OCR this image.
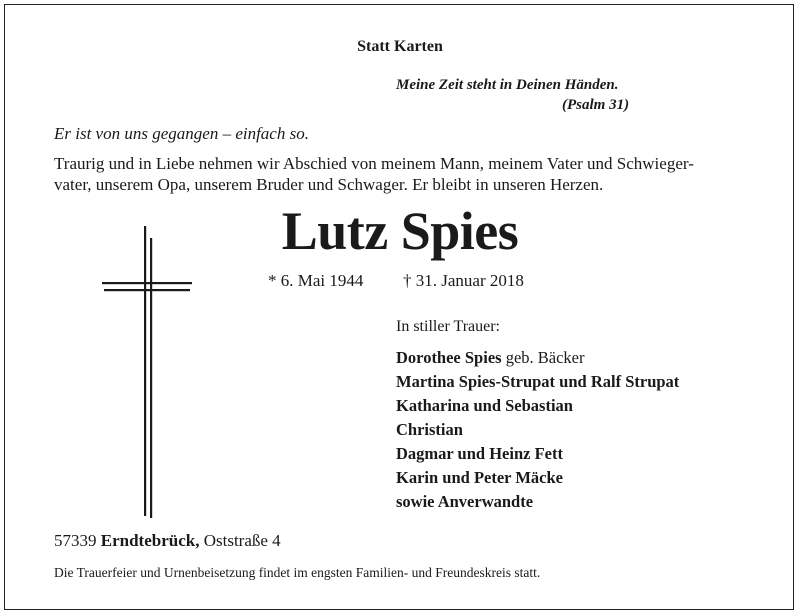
Statt Karten
Meine Zeit steht in Deinen Händen.
(Psalm 31)
Er ist von uns gegangen – einfach so.
Traurig und in Liebe nehmen wir Abschied von meinem Mann, meinem Vater und Schwieger-
vater, unserem Opa, unserem Bruder und Schwager. Er bleibt in unseren Herzen.
Lutz Spies
* 6. Mai 1944 † 31. Januar 2018
In stiller Trauer:
Dorothee Spies geb. Bäcker
Martina Spies-Strupat und Ralf Strupat
Katharina und Sebastian
Christian
Dagmar und Heinz Fett
Karin und Peter Mäcke
sowie Anverwandte
57339 Erndtebrück, Oststraße 4
Die Trauerfeier und Urnenbeisetzung findet im engsten Familien- und Freundeskreis statt.
